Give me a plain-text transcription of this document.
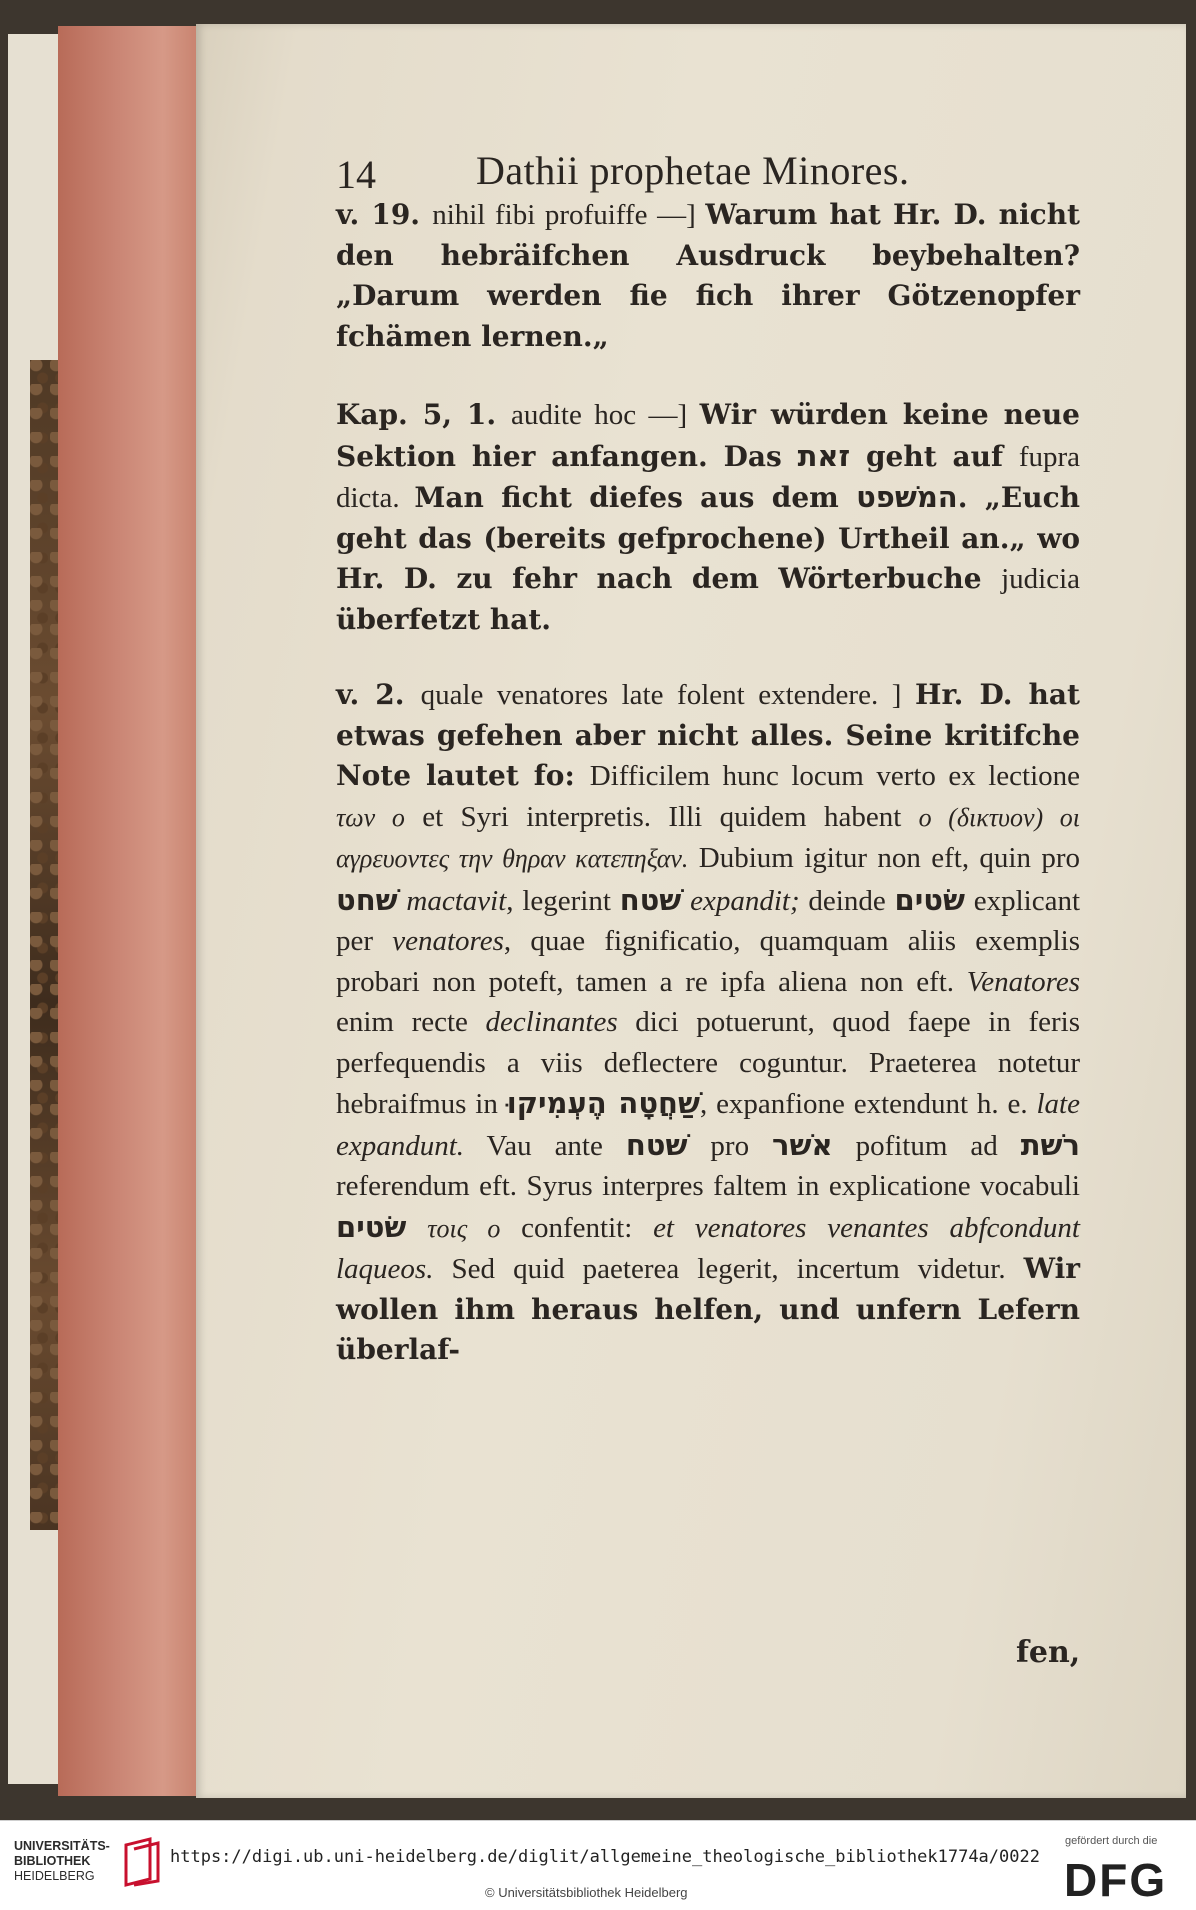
14	Dathii prophetae Minores.

v. 19. nihil fibi profuiffe —] Warum hat Hr. D. nicht den hebräifchen Ausdruck beybehalten? „Darum werden fie fich ihrer Götzenopfer fchämen lernen.„

Kap. 5, 1. audite hoc —] Wir würden keine neue Sektion hier anfangen. Das זאת geht auf fupra dicta. Man ficht diefes aus dem המשׁפט. „Euch geht das (bereits gefprochene) Urtheil an.„ wo Hr. D. zu fehr nach dem Wörterbuche judicia überfetzt hat.

v. 2. quale venatores late folent extendere. ] Hr. D. hat etwas gefehen aber nicht alles. Seine kritifche Note lautet fo: Difficilem hunc locum verto ex lectione των ο et Syri interpretis. Illi quidem habent ο (δικτυον) οι αγρευοντες την θηραν κατεπηξαν. Dubium igitur non eft, quin pro שׁחט mactavit, legerint שׁטח expandit; deinde שׂטים explicant per venatores, quae fignificatio, quamquam aliis exemplis probari non poteft, tamen a re ipfa aliena non eft. Venatores enim recte declinantes dici potuerunt, quod faepe in feris perfequendis a viis deflectere coguntur. Praeterea notetur hebraifmus in שַׁחֲטָה הֶעְמִיקוּ, expanfione extendunt h. e. late expandunt. Vau ante שׁטח pro אשׁר pofitum ad רשׁת referendum eft. Syrus interpres faltem in explicatione vocabuli שׂטים τοις ο confentit: et venatores venantes abfcondunt laqueos. Sed quid paeterea legerit, incertum videtur. Wir wollen ihm heraus helfen, und unfern Lefern überlaf-

fen,
UNIVERSITÄTS-
BIBLIOTHEK
HEIDELBERG
https://digi.ub.uni-heidelberg.de/diglit/allgemeine_theologische_bibliothek1774a/0022
© Universitätsbibliothek Heidelberg
gefördert durch die
DFG
